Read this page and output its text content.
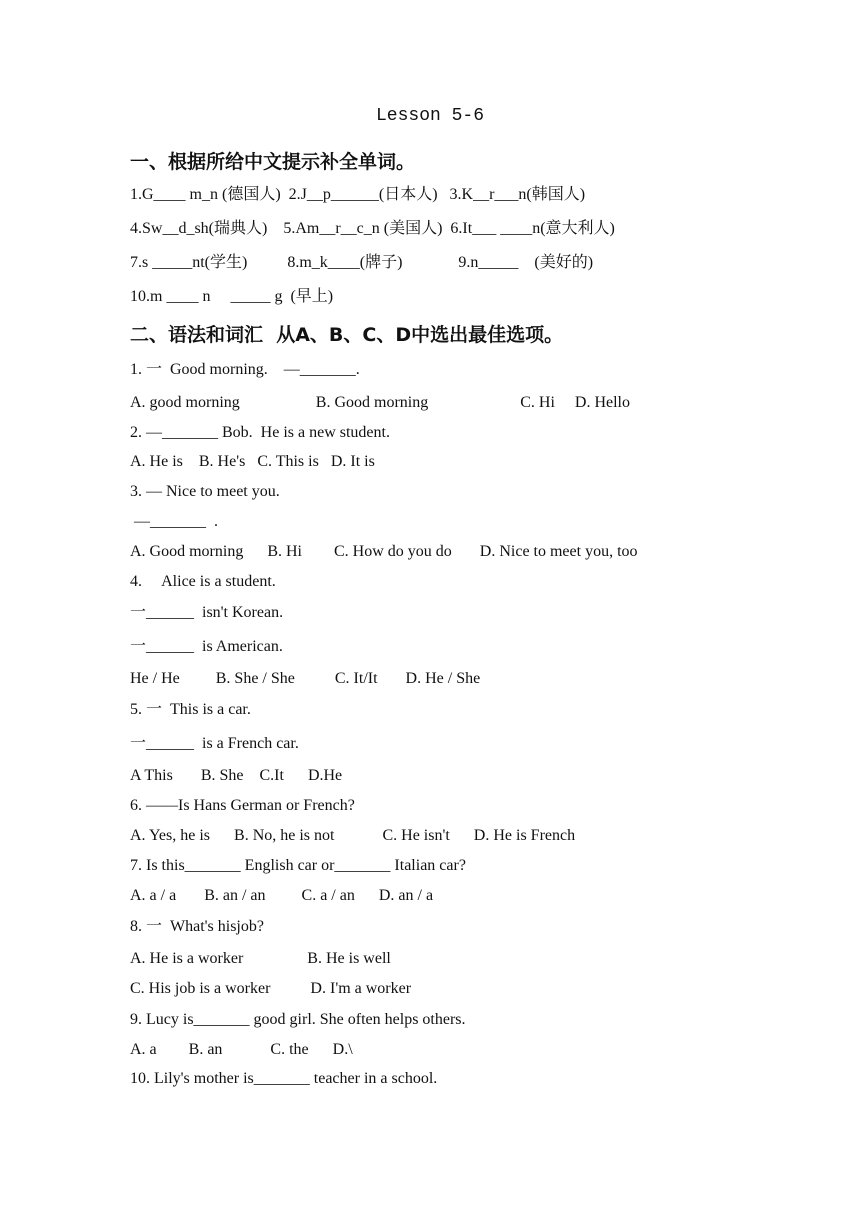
Lesson 5-6
一、根据所给中文提示补全单词。
1.G____ m_n (德国人)  2.J__p______(日本人)   3.K__r___n(韩国人)
4.Sw__d_sh(瑞典人)    5.Am__r__c_n (美国人)  6.It___ ____n(意大利人)
7.s _____nt(学生)          8.m_k____(牌子)              9.n_____    (美好的)
10.m ____ n     _____ g  (早上)
二、语法和词汇  从A、B、C、D中选出最佳选项。
1. 一  Good morning.    —_______.
A. good morning                   B. Good morning                       C. Hi     D. Hello
2. —_______ Bob.  He is a new student.
A. He is    B. He's   C. This is   D. It is
3. — Nice to meet you.
—_______  .
A. Good morning      B. Hi        C. How do you do       D. Nice to meet you, too
4.     Alice is a student.
一______  isn't Korean.
一______  is American.
He / He         B. She / She          C. It/It       D. He / She
5. 一  This is a car.
一______  is a French car.
A This       B. She    C.It      D.He
6. ——Is Hans German or French?
A. Yes, he is      B. No, he is not            C. He isn't      D. He is French
7. Is this_______ English car or_______ Italian car?
A. a / a       B. an / an         C. a / an      D. an / a
8. 一  What's hisjob?
A. He is a worker                B. He is well
C. His job is a worker          D. I'm a worker
9. Lucy is_______ good girl. She often helps others.
A. a        B. an            C. the      D.\
10. Lily's mother is_______ teacher in a school.
